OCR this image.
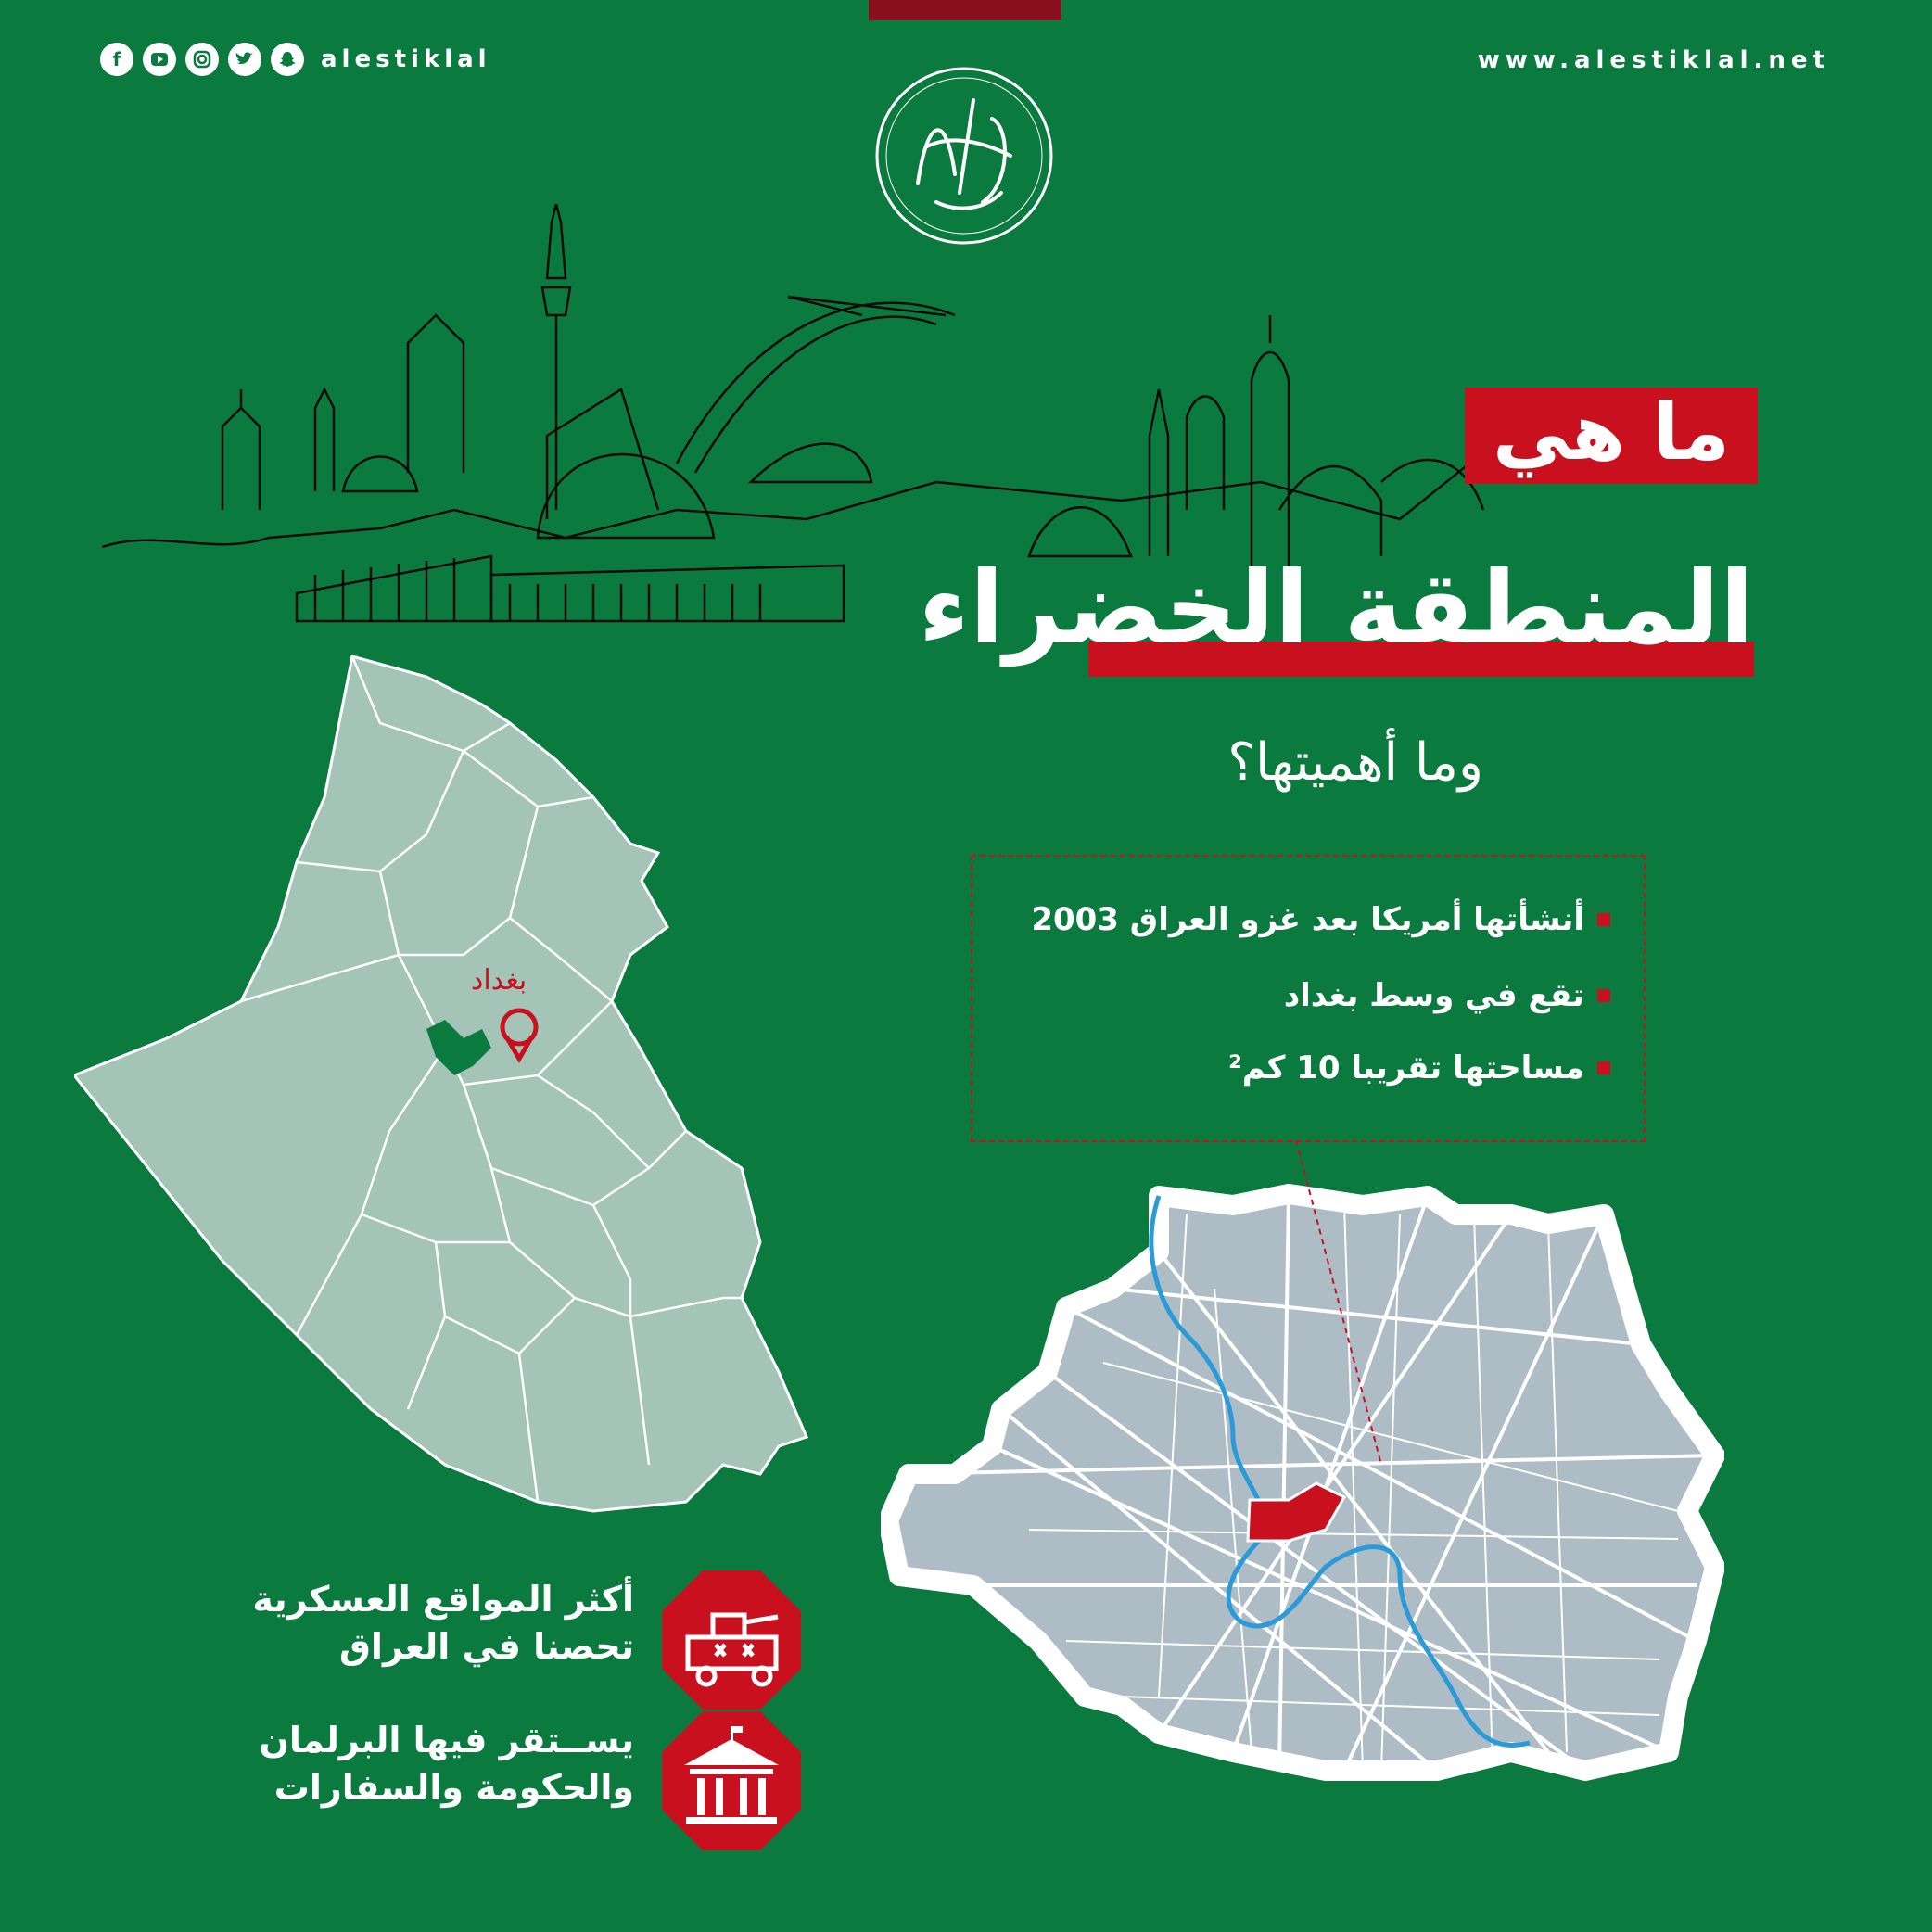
f	alestiklal	www.alestiklal.net
ما هي
المنطقة الخضراء
وما أهميتها؟
أنشأتها أمريكا بعد غزو العراق 2003
تقع في وسط بغداد
مساحتها تقريبا 10 كم²
بغداد
أكثر المواقع العسكرية
تحصنا في العراق
يســتقر فيها البرلمان
والحكومة والسفارات
